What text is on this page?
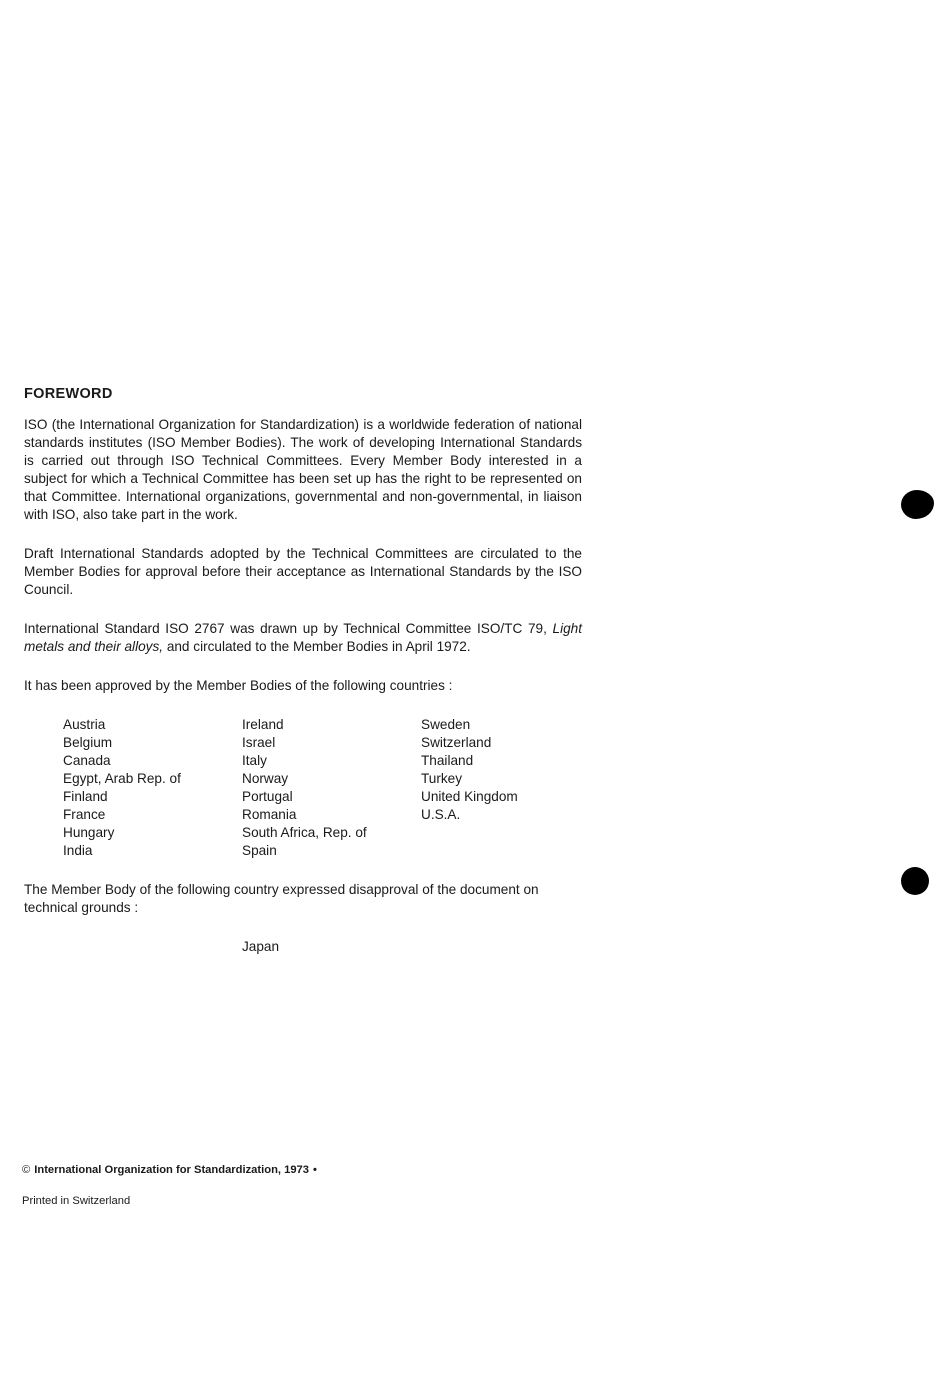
FOREWORD

ISO (the International Organization for Standardization) is a worldwide federation of national standards institutes (ISO Member Bodies). The work of developing International Standards is carried out through ISO Technical Committees. Every Member Body interested in a subject for which a Technical Committee has been set up has the right to be represented on that Committee. International organizations, governmental and non-governmental, in liaison with ISO, also take part in the work.

Draft International Standards adopted by the Technical Committees are circulated to the Member Bodies for approval before their acceptance as International Standards by the ISO Council.

International Standard ISO 2767 was drawn up by Technical Committee ISO/TC 79, Light metals and their alloys, and circulated to the Member Bodies in April 1972.

It has been approved by the Member Bodies of the following countries :

Austria
Belgium
Canada
Egypt, Arab Rep. of
Finland
France
Hungary
India
Ireland
Israel
Italy
Norway
Portugal
Romania
South Africa, Rep. of
Spain
Sweden
Switzerland
Thailand
Turkey
United Kingdom
U.S.A.

The Member Body of the following country expressed disapproval of the document on technical grounds :

Japan
© International Organization for Standardization, 1973 •
Printed in Switzerland
